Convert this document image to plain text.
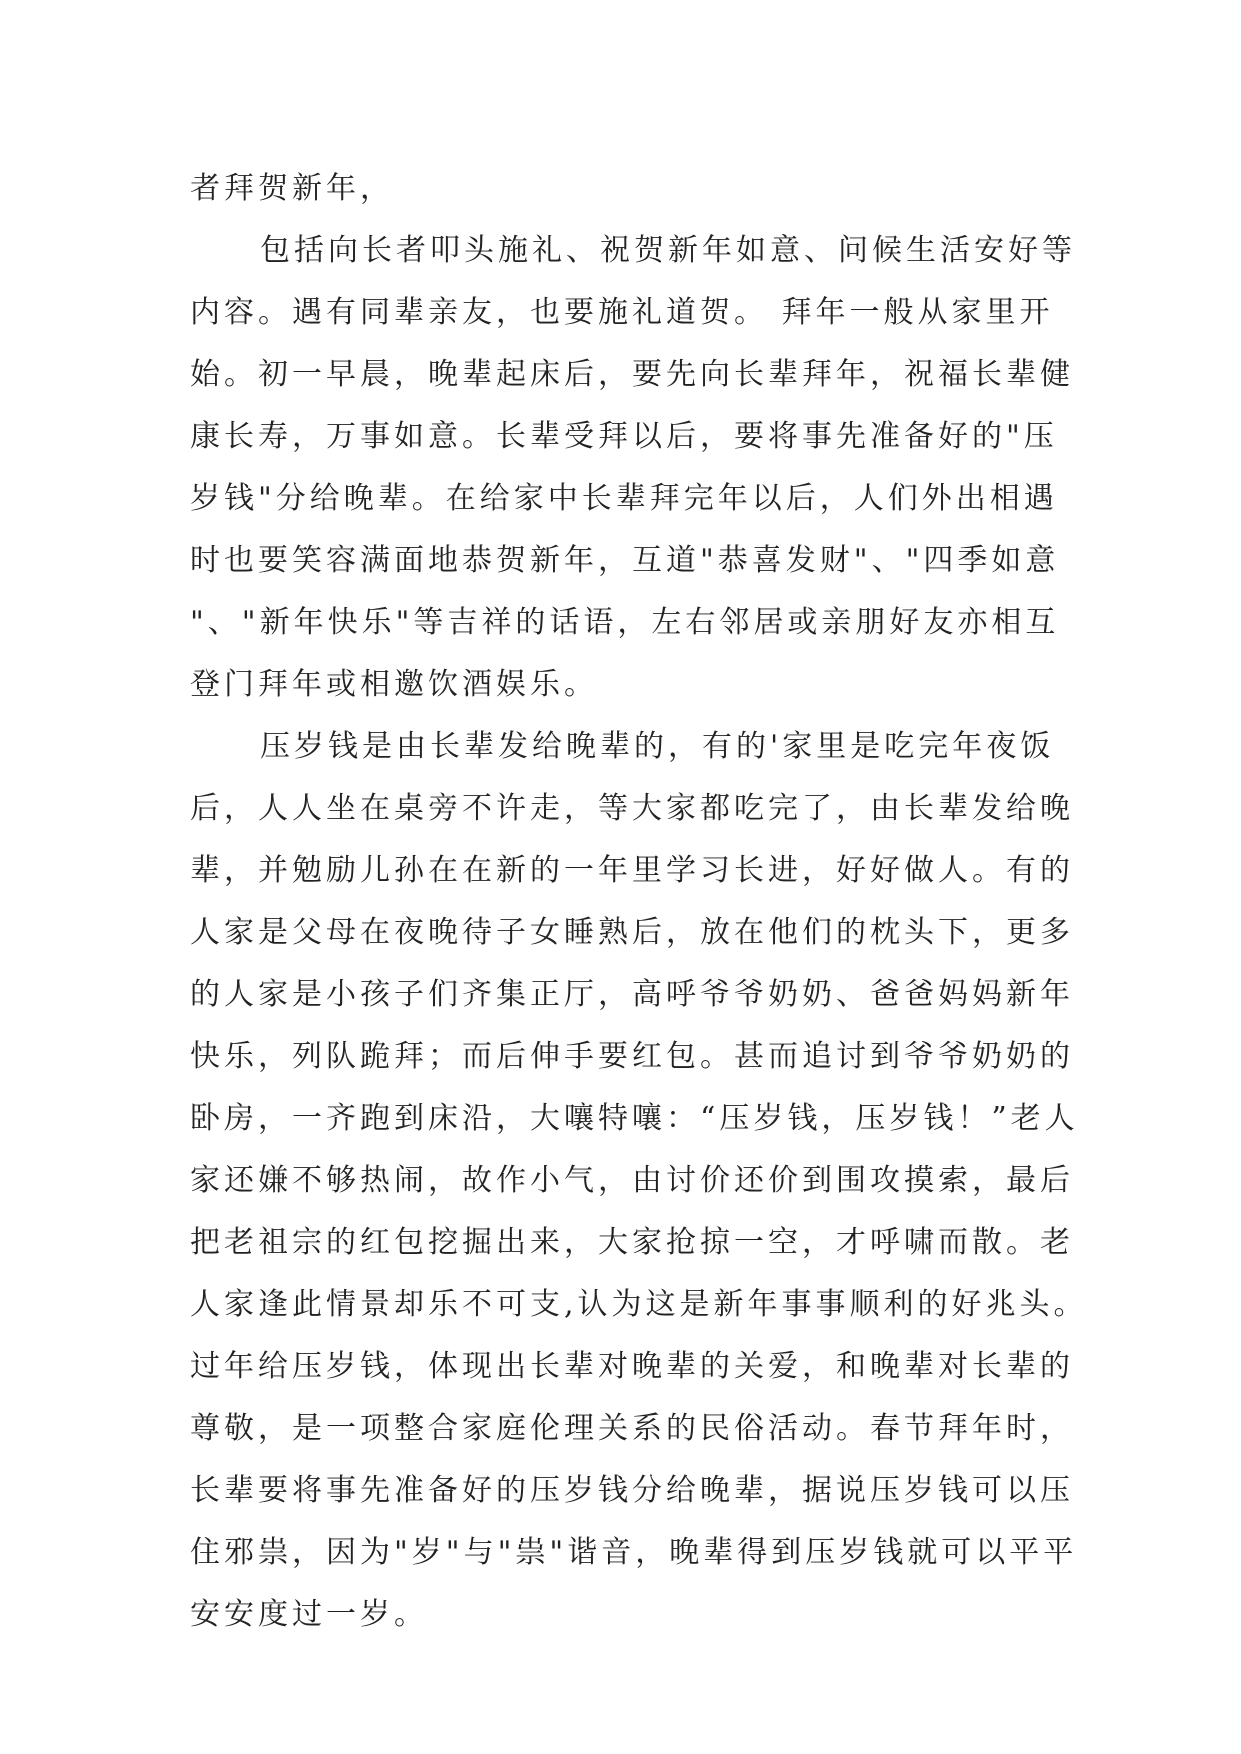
者拜贺新年，
包括向长者叩头施礼、祝贺新年如意、问候生活安好等
内容。遇有同辈亲友，也要施礼道贺。 拜年一般从家里开
始。初一早晨，晚辈起床后，要先向长辈拜年，祝福长辈健
康长寿，万事如意。长辈受拜以后，要将事先准备好的"压
岁钱"分给晚辈。在给家中长辈拜完年以后，人们外出相遇
时也要笑容满面地恭贺新年，互道"恭喜发财"、"四季如意
"、"新年快乐"等吉祥的话语，左右邻居或亲朋好友亦相互
登门拜年或相邀饮酒娱乐。
压岁钱是由长辈发给晚辈的，有的'家里是吃完年夜饭
后，人人坐在桌旁不许走，等大家都吃完了，由长辈发给晚
辈，并勉励儿孙在在新的一年里学习长进，好好做人。有的
人家是父母在夜晚待子女睡熟后，放在他们的枕头下，更多
的人家是小孩子们齐集正厅，高呼爷爷奶奶、爸爸妈妈新年
快乐，列队跪拜；而后伸手要红包。甚而追讨到爷爷奶奶的
卧房，一齐跑到床沿，大嚷特嚷：“压岁钱，压岁钱！”老人
家还嫌不够热闹，故作小气，由讨价还价到围攻摸索，最后
把老祖宗的红包挖掘出来，大家抢掠一空，才呼啸而散。老
人家逢此情景却乐不可支,认为这是新年事事顺利的好兆头。
过年给压岁钱，体现出长辈对晚辈的关爱，和晚辈对长辈的
尊敬，是一项整合家庭伦理关系的民俗活动。春节拜年时，
长辈要将事先准备好的压岁钱分给晚辈，据说压岁钱可以压
住邪祟，因为"岁"与"祟"谐音，晚辈得到压岁钱就可以平平
安安度过一岁。
